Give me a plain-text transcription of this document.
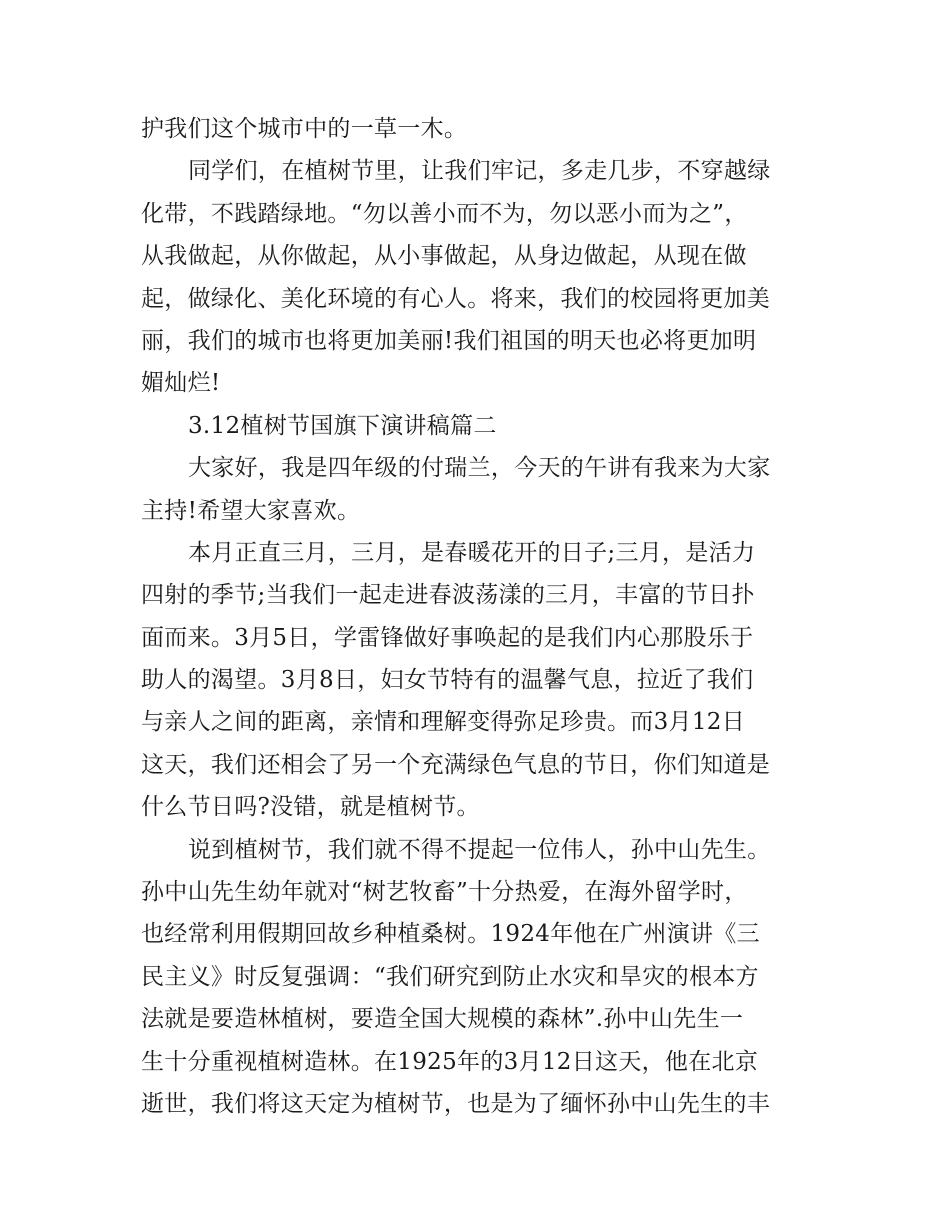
护我们这个城市中的一草一木。
同学们，在植树节里，让我们牢记，多走几步，不穿越绿
化带，不践踏绿地。“勿以善小而不为，勿以恶小而为之”，
从我做起，从你做起，从小事做起，从身边做起，从现在做
起，做绿化、美化环境的有心人。将来，我们的校园将更加美
丽，我们的城市也将更加美丽!我们祖国的明天也必将更加明
媚灿烂!
3.12植树节国旗下演讲稿篇二
大家好，我是四年级的付瑞兰，今天的午讲有我来为大家
主持!希望大家喜欢。
本月正直三月，三月，是春暖花开的日子;三月，是活力
四射的季节;当我们一起走进春波荡漾的三月，丰富的节日扑
面而来。3月5日，学雷锋做好事唤起的是我们内心那股乐于
助人的渴望。3月8日，妇女节特有的温馨气息，拉近了我们
与亲人之间的距离，亲情和理解变得弥足珍贵。而3月12日
这天，我们还相会了另一个充满绿色气息的节日，你们知道是
什么节日吗?没错，就是植树节。
说到植树节，我们就不得不提起一位伟人，孙中山先生。
孙中山先生幼年就对“树艺牧畜”十分热爱，在海外留学时，
也经常利用假期回故乡种植桑树。1924年他在广州演讲《三
民主义》时反复强调：“我们研究到防止水灾和旱灾的根本方
法就是要造林植树，要造全国大规模的森林”.孙中山先生一
生十分重视植树造林。在1925年的3月12日这天，他在北京
逝世，我们将这天定为植树节，也是为了缅怀孙中山先生的丰
